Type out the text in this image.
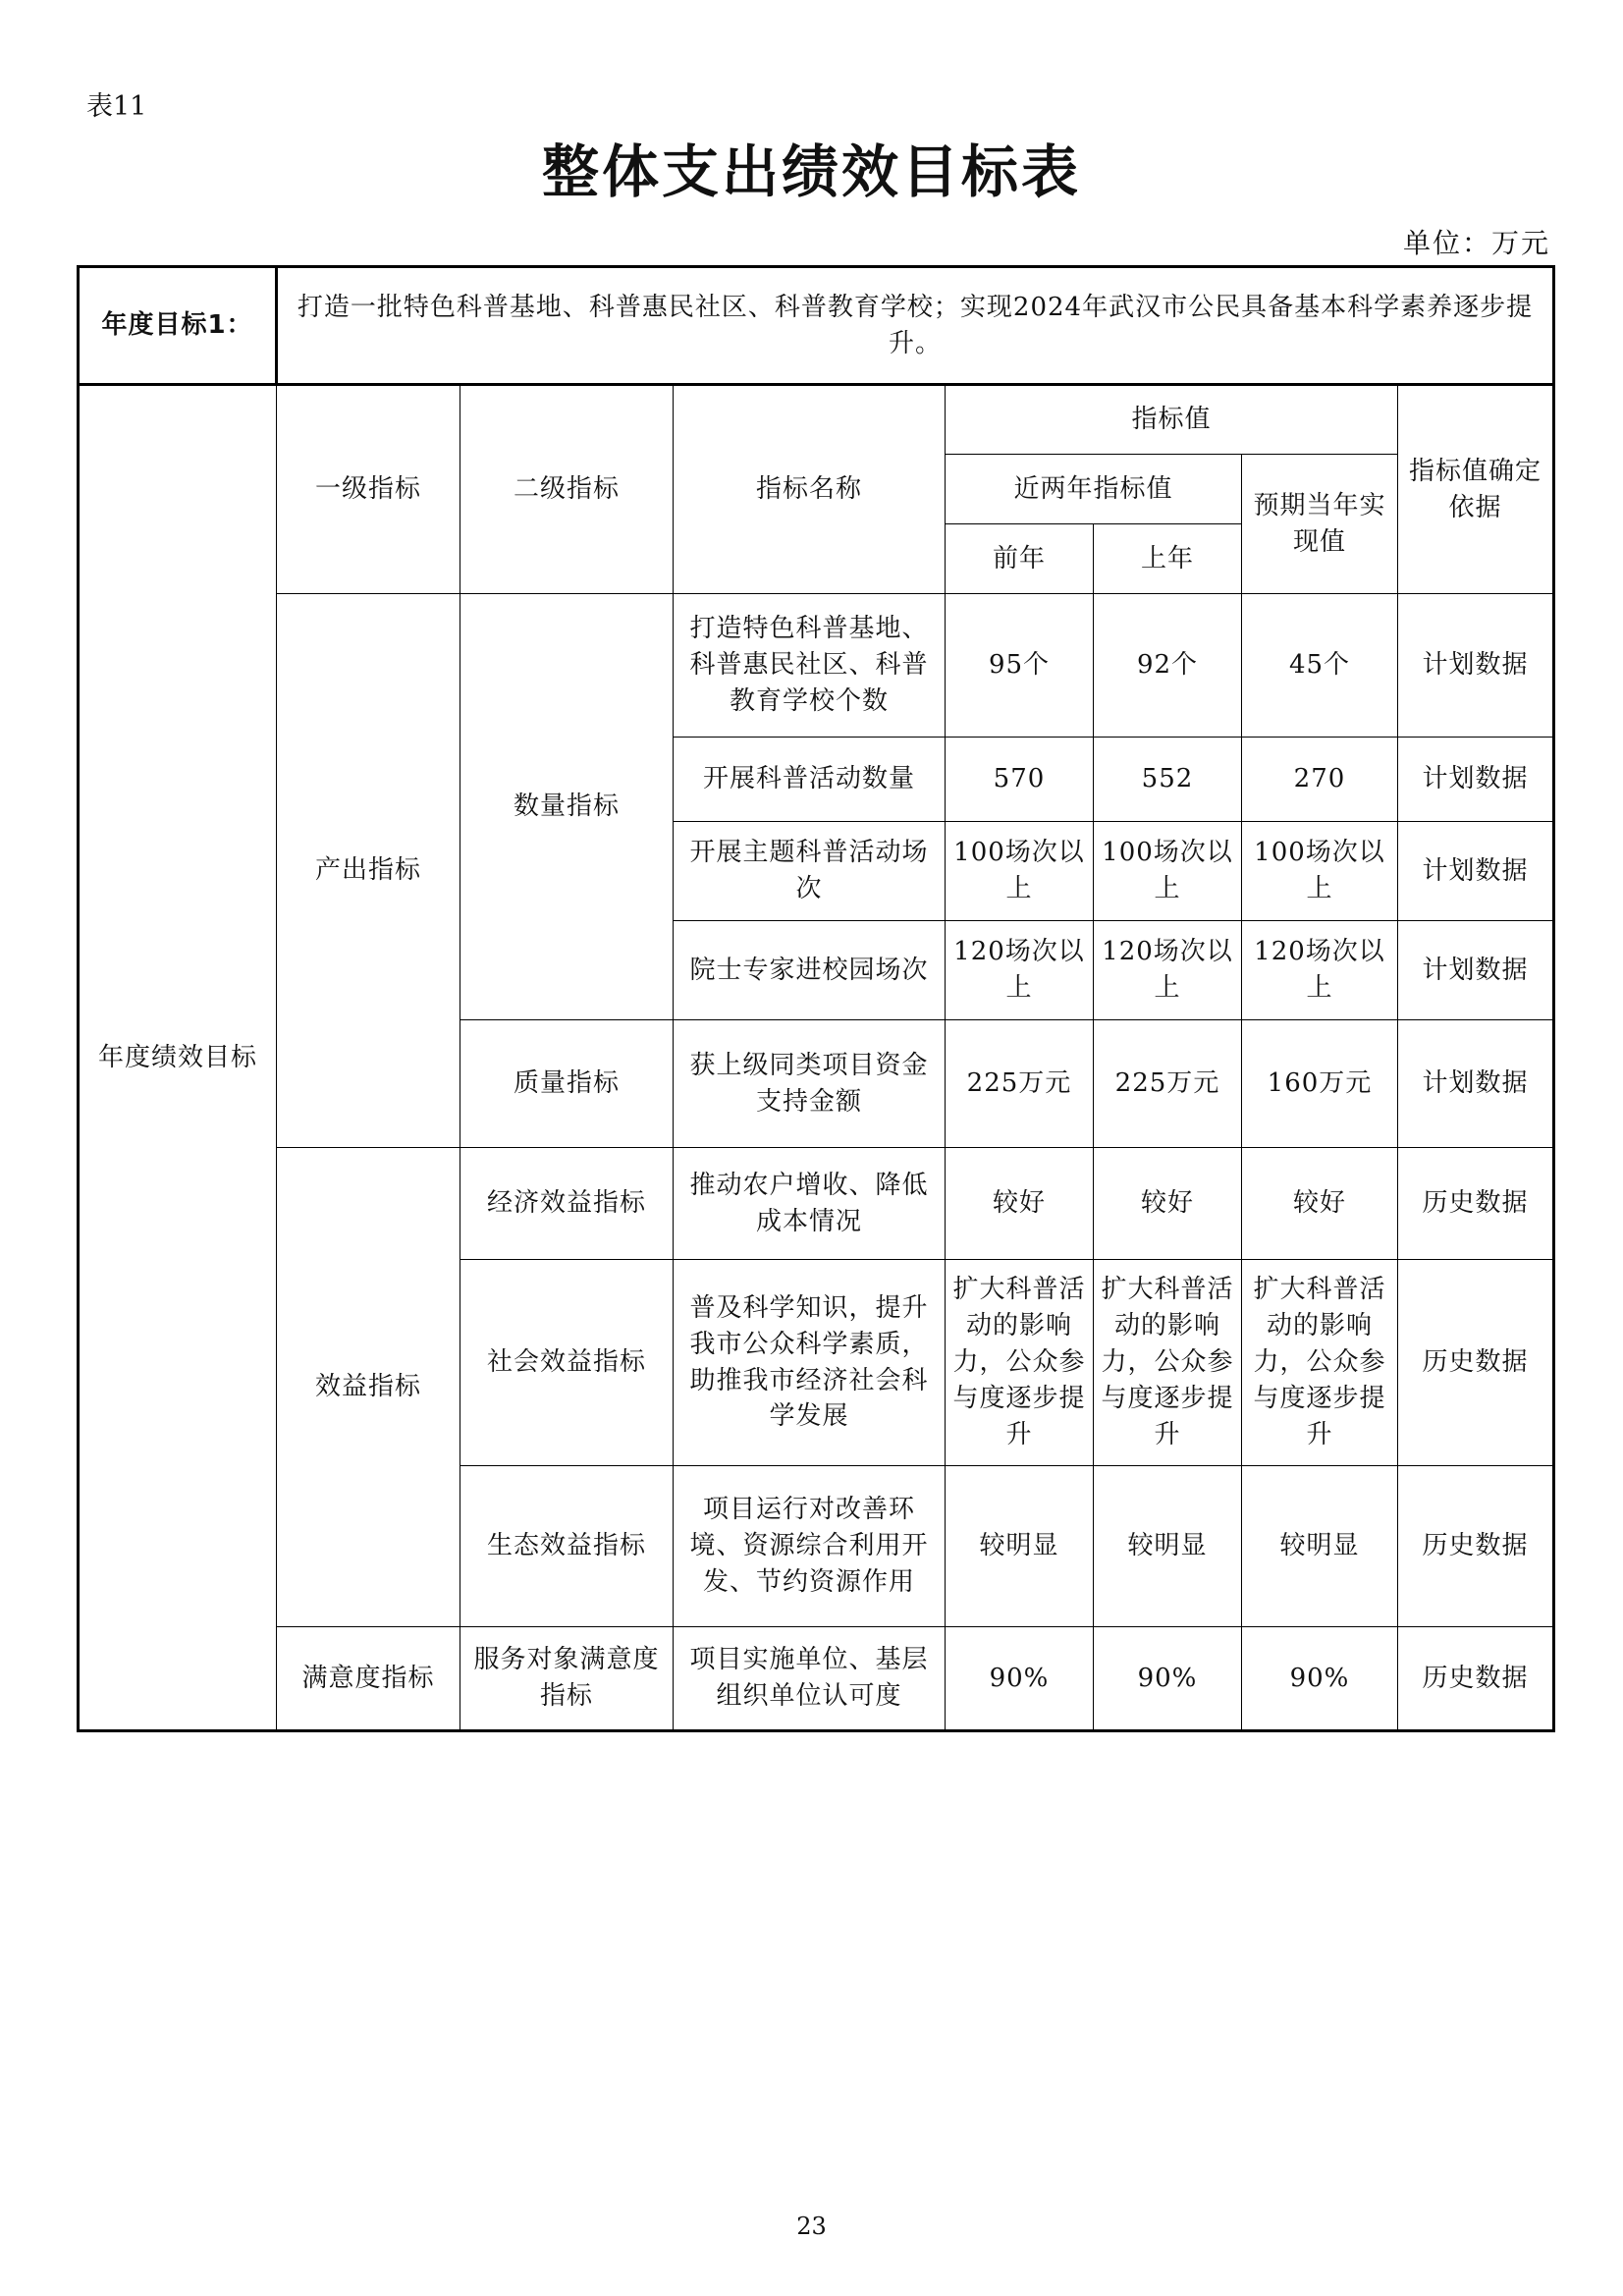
表11
整体支出绩效目标表
单位：万元
年度目标1：	打造一批特色科普基地、科普惠民社区、科普教育学校；实现2024年武汉市公民具备基本科学素养逐步提升。						
年度绩效目标	一级指标	二级指标	指标名称	指标值			指标值确定依据
				近两年指标值		预期当年实现值	
				前年	上年		
	产出指标	数量指标	打造特色科普基地、科普惠民社区、科普教育学校个数	95个	92个	45个	计划数据
			开展科普活动数量	570	552	270	计划数据
			开展主题科普活动场次	100场次以上	100场次以上	100场次以上	计划数据
			院士专家进校园场次	120场次以上	120场次以上	120场次以上	计划数据
		质量指标	获上级同类项目资金支持金额	225万元	225万元	160万元	计划数据
	效益指标	经济效益指标	推动农户增收、降低成本情况	较好	较好	较好	历史数据
		社会效益指标	普及科学知识，提升我市公众科学素质，助推我市经济社会科学发展	扩大科普活动的影响力，公众参与度逐步提升	扩大科普活动的影响力，公众参与度逐步提升	扩大科普活动的影响力，公众参与度逐步提升	历史数据
		生态效益指标	项目运行对改善环境、资源综合利用开发、节约资源作用	较明显	较明显	较明显	历史数据
	满意度指标	服务对象满意度指标	项目实施单位、基层组织单位认可度	90%	90%	90%	历史数据
23
